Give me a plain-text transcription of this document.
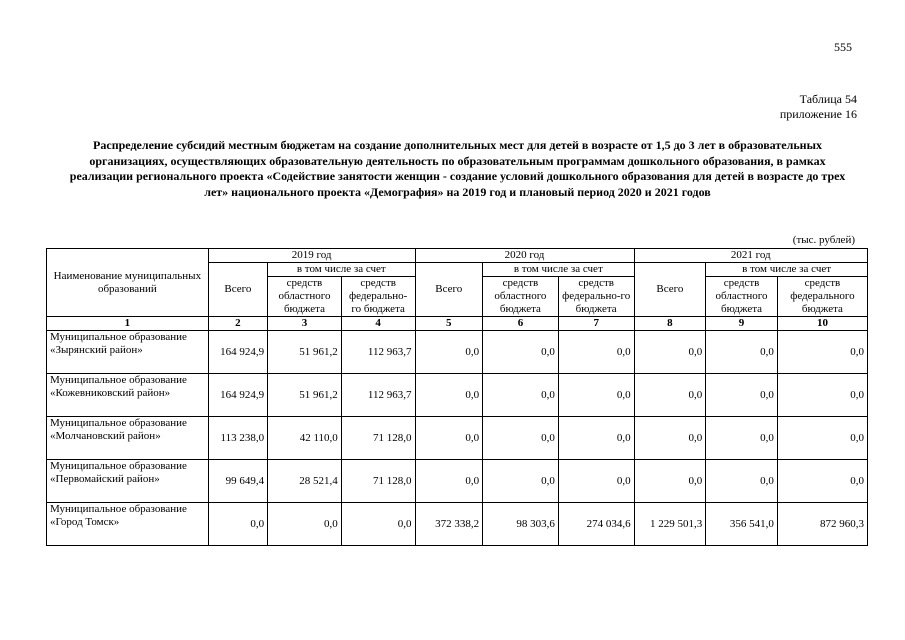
555
Таблица 54
приложение 16
Распределение субсидий местным бюджетам на создание дополнительных мест для детей в возрасте от 1,5 до 3 лет в образовательных организациях, осуществляющих образовательную деятельность по образовательным программам дошкольного образования, в рамках реализации регионального проекта «Содействие занятости женщин - создание условий дошкольного образования для детей в возрасте до трех лет» национального проекта «Демография» на 2019 год и плановый период 2020 и 2021 годов
(тыс. рублей)
Наименование муниципальных образований	2019 год			2020 год			2021 год		
	Всего	в том числе за счет		Всего	в том числе за счет		Всего	в том числе за счет	
		средств областного бюджета	средств федерально-го бюджета		средств областного бюджета	средств федерально-го бюджета		средств областного бюджета	средств федерального бюджета
1	2	3	4	5	6	7	8	9	10
Муниципальное образование «Зырянский район»	164 924,9	51 961,2	112 963,7	0,0	0,0	0,0	0,0	0,0	0,0
Муниципальное образование «Кожевниковский район»	164 924,9	51 961,2	112 963,7	0,0	0,0	0,0	0,0	0,0	0,0
Муниципальное образование «Молчановский район»	113 238,0	42 110,0	71 128,0	0,0	0,0	0,0	0,0	0,0	0,0
Муниципальное образование «Первомайский район»	99 649,4	28 521,4	71 128,0	0,0	0,0	0,0	0,0	0,0	0,0
Муниципальное образование «Город Томск»	0,0	0,0	0,0	372 338,2	98 303,6	274 034,6	1 229 501,3	356 541,0	872 960,3
